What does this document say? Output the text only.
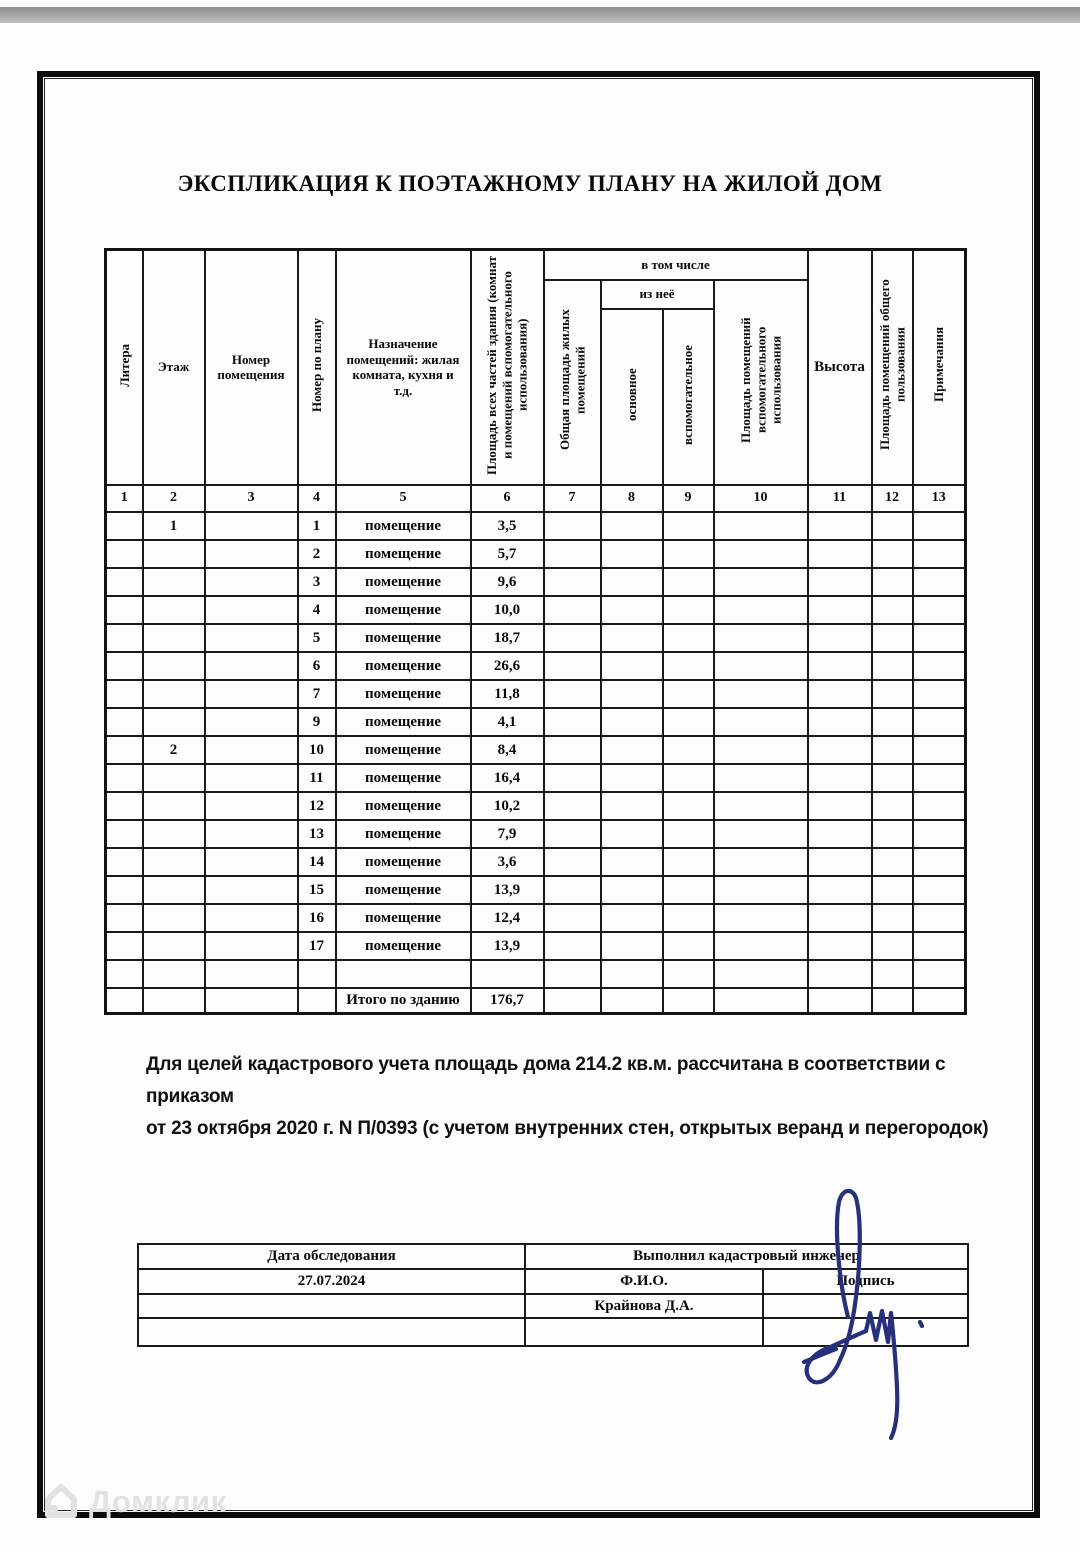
ЭКСПЛИКАЦИЯ К ПОЭТАЖНОМУ ПЛАНУ НА ЖИЛОЙ ДОМ
Литера	Этаж	Номер помещения	Номер по плану	Назначение помещений: жилая комната, кухня и т.д.	Площадь всех частей здания (комнат и помещений вспомогательного использования)	в том числе				Высота	Площадь помещений общего пользования	Примечания
						Общая площадь жилых помещений	из неё		Площадь помещений вспомогательного использования			
							основное	вспомогательное				
1	2	3	4	5	6	7	8	9	10	11	12	13
	1		1	помещение	3,5							
			2	помещение	5,7							
			3	помещение	9,6							
			4	помещение	10,0							
			5	помещение	18,7							
			6	помещение	26,6							
			7	помещение	11,8							
			9	помещение	4,1							
	2		10	помещение	8,4							
			11	помещение	16,4							
			12	помещение	10,2							
			13	помещение	7,9							
			14	помещение	3,6							
			15	помещение	13,9							
			16	помещение	12,4							
			17	помещение	13,9							

				Итого по зданию	176,7							
Для целей кадастрового учета площадь дома 214.2 кв.м. рассчитана в соответствии с приказом
от 23 октября 2020 г. N П/0393 (с учетом внутренних стен, открытых веранд и перегородок)
Дата обследования	Выполнил кадастровый инженер	
27.07.2024	Ф.И.О.	Подпись
	Крайнова Д.А.	

Домклик
